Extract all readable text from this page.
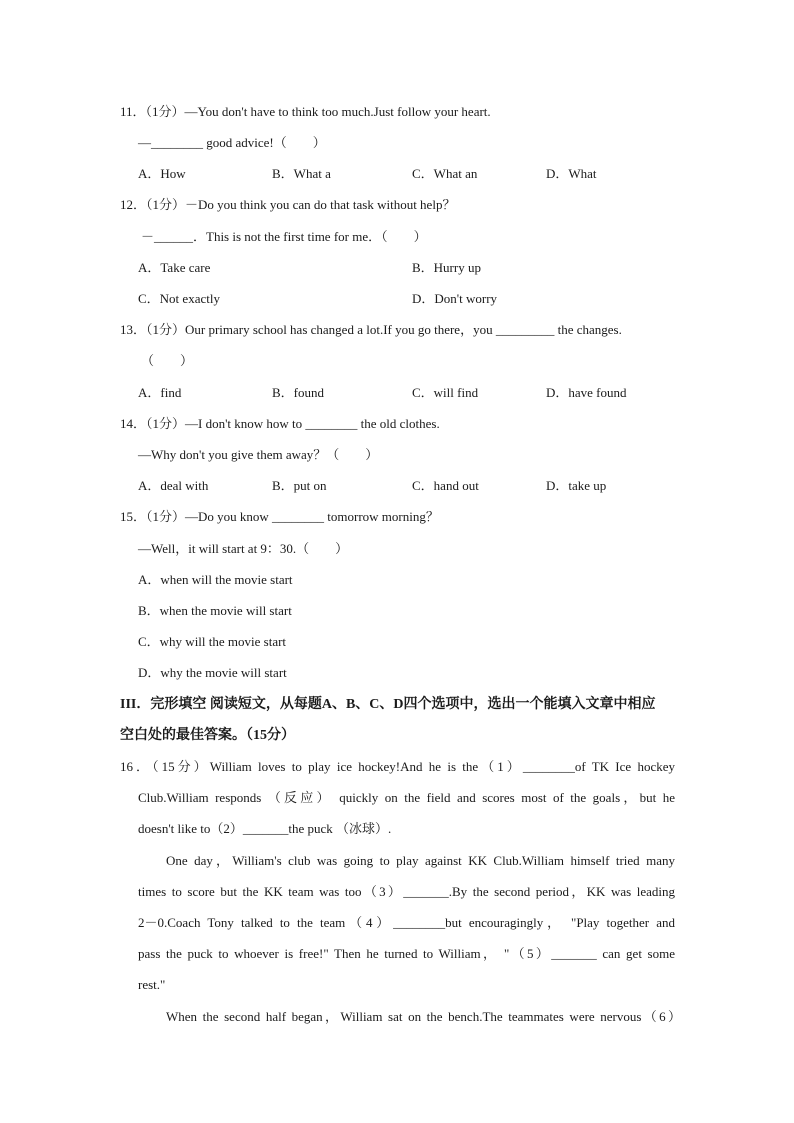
11．（1分）—You don't have to think too much.Just follow your heart.
—________ good advice!（　　）
A．How	B．What a	C．What an	D．What
12．（1分）－Do you think you can do that task without help？
－______．This is not the first time for me．（　　）
A．Take care	B．Hurry up
C．Not exactly	D．Don't worry
13．（1分）Our primary school has changed a lot.If you go there，you _________ the changes.
（　　）
A．find	B．found	C．will find	D．have found
14．（1分）—I don't know how to ________ the old clothes.
—Why don't you give them away？（　　）
A．deal with	B．put on	C．hand out	D．take up
15．（1分）—Do you know ________ tomorrow morning？
—Well，it will start at 9：30.（　　）
A．when will the movie start
B．when the movie will start
C．why will the movie start
D．why the movie will start
III．完形填空 阅读短文，从每题A、B、C、D四个选项中，选出一个能填入文章中相应
空白处的最佳答案。（15分）
16．（15分）William loves to play ice hockey!And he is the（1）________of TK Ice hockey
Club.William responds （反应） quickly on the field and scores most of the goals，but he
doesn't like to（2）_______the puck （冰球）.
One day，William's club was going to play against KK Club.William himself tried many
times to score but the KK team was too（3）_______.By the second period，KK was leading
2－0.Coach Tony talked to the team（4）________but encouragingly， "Play together and
pass the puck to whoever is free!" Then he turned to William， "（5）_______ can get some
rest."
When the second half began，William sat on the bench.The teammates were nervous（6）
